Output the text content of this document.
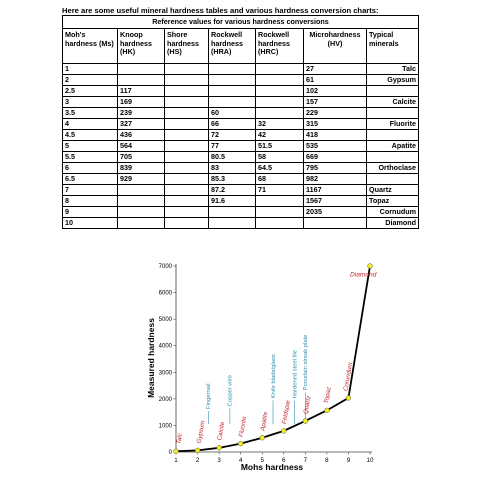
Here are some useful mineral hardness tables and various hardness conversion charts:
Reference values for various hardness conversions						
Moh's hardness (Ms)	Knoop hardness (HK)	Shore hardness (HS)	Rockwell hardness (HRA)	Rockwell hardness (HRC)	Microhardness (HV)	Typical minerals
1					27	Talc
2					61	Gypsum
2.5	117				102	
3	169				157	Calcite
3.5	239		60		229	
4	327		66	32	315	Fluorite
4.5	436		72	42	418	
5	564		77	51.5	535	Apatite
5.5	705		80.5	58	669	
6	839		83	64.5	795	Orthoclase
6.5	929		85.3	68	982	
7			87.2	71	1167	Quartz
8			91.6		1567	Topaz
9					2035	Cornudum
10						Diamond
1	2	3	4	5	6	7	8	9	10
0
1000
2000
3000
4000
5000
6000
7000
Fingernail	Copper wire	Knife blade/glass	Hardened steel file Porcelain streak plate
Talc Gypsum Calcite Fluorite Apatite Feldspar Quartz Topaz
Corundum
Diamond
Mohs hardness
Measured hardness
